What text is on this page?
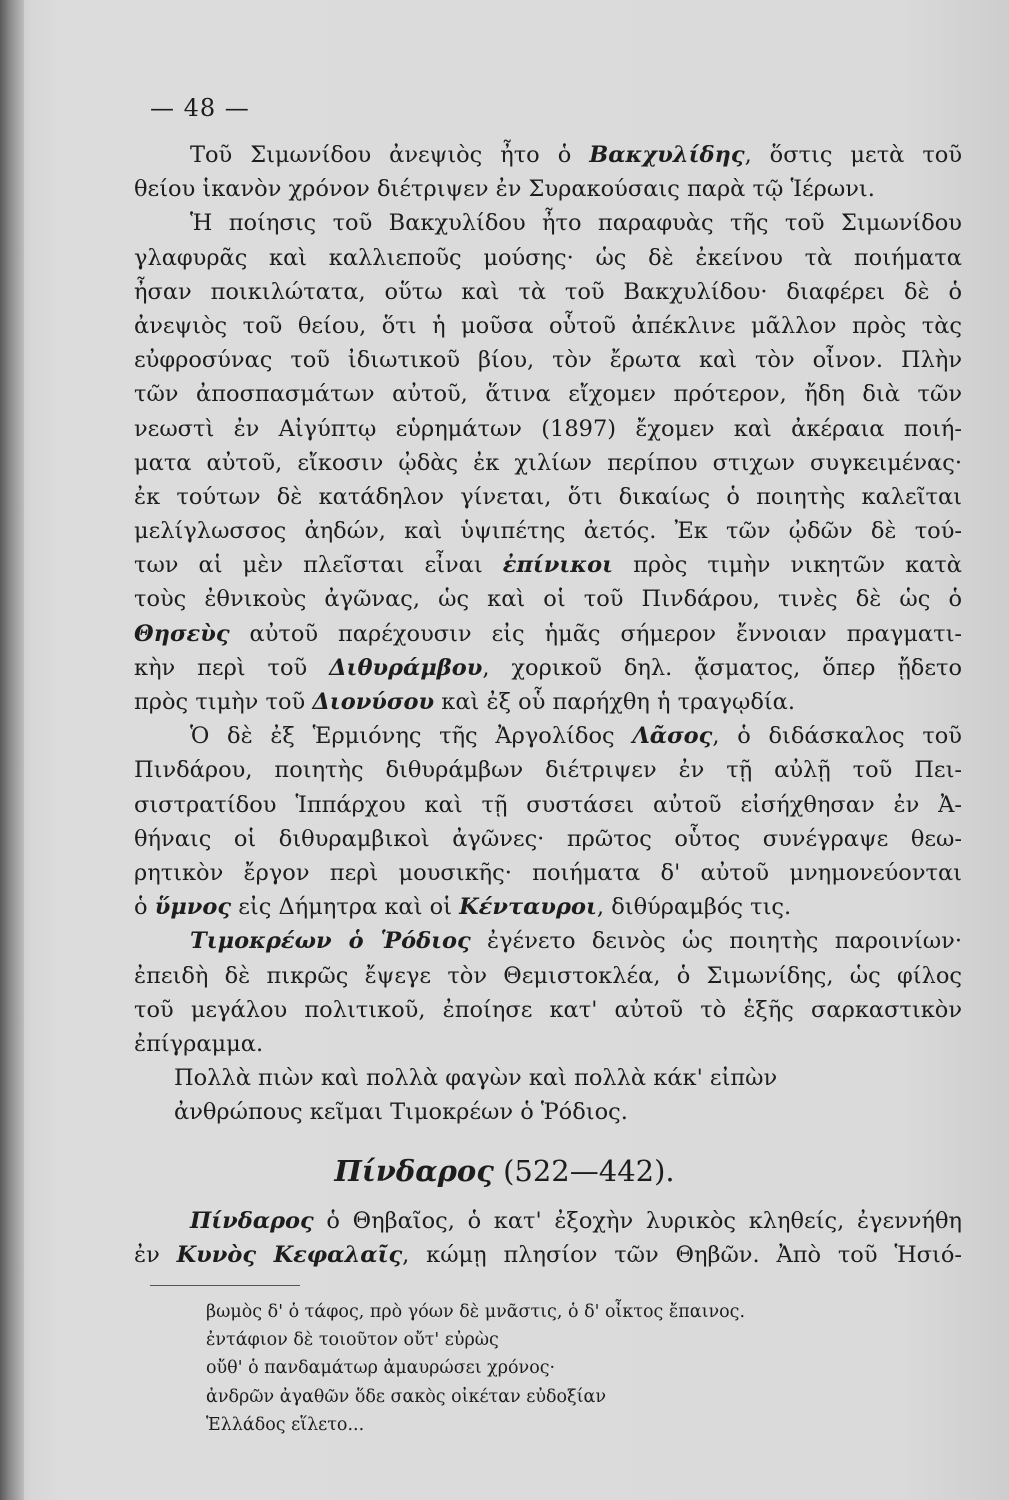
— 48 —
Τοῦ Σιμωνίδου ἀνεψιὸς ἦτο ὁ Βακχυλίδης, ὅστις μετὰ τοῦ
θείου ἱκανὸν χρόνον διέτριψεν ἐν Συρακούσαις παρὰ τῷ Ἱέρωνι.
Ἡ ποίησις τοῦ Βακχυλίδου ἦτο παραφυὰς τῆς τοῦ Σιμωνίδου
γλαφυρᾶς καὶ καλλιεποῦς μούσης· ὡς δὲ ἐκείνου τὰ ποιήματα
ἦσαν ποικιλώτατα, οὕτω καὶ τὰ τοῦ Βακχυλίδου· διαφέρει δὲ ὁ
ἀνεψιὸς τοῦ θείου, ὅτι ἡ μοῦσα οὗτοῦ ἀπέκλινε μᾶλλον πρὸς τὰς
εὐφροσύνας τοῦ ἰδιωτικοῦ βίου, τὸν ἔρωτα καὶ τὸν οἶνον. Πλὴν
τῶν ἀποσπασμάτων αὐτοῦ, ἅτινα εἴχομεν πρότερον, ἤδη διὰ τῶν
νεωστὶ ἐν Αἰγύπτῳ εὑρημάτων (1897) ἔχομεν καὶ ἀκέραια ποιή-
ματα αὐτοῦ, εἴκοσιν ᾠδὰς ἐκ χιλίων περίπου στιχων συγκειμένας·
ἐκ τούτων δὲ κατάδηλον γίνεται, ὅτι δικαίως ὁ ποιητὴς καλεῖται
μελίγλωσσος ἀηδών, καὶ ὑψιπέτης ἀετός. Ἐκ τῶν ᾠδῶν δὲ τού-
των αἱ μὲν πλεῖσται εἶναι ἐπίνικοι πρὸς τιμὴν νικητῶν κατὰ
τοὺς ἐθνικοὺς ἀγῶνας, ὡς καὶ οἱ τοῦ Πινδάρου, τινὲς δὲ ὡς ὁ
Θησεὺς αὐτοῦ παρέχουσιν εἰς ἡμᾶς σήμερον ἔννοιαν πραγματι-
κὴν περὶ τοῦ Διθυράμβου, χορικοῦ δηλ. ᾄσματος, ὅπερ ᾔδετο
πρὸς τιμὴν τοῦ Διονύσου καὶ ἐξ οὗ παρήχθη ἡ τραγῳδία.
Ὁ δὲ ἐξ Ἑρμιόνης τῆς Ἀργολίδος Λᾶσος, ὁ διδάσκαλος τοῦ
Πινδάρου, ποιητὴς διθυράμβων διέτριψεν ἐν τῇ αὐλῇ τοῦ Πει-
σιστρατίδου Ἱππάρχου καὶ τῇ συστάσει αὐτοῦ εἰσήχθησαν ἐν Ἀ-
θήναις οἱ διθυραμβικοὶ ἀγῶνες· πρῶτος οὗτος συνέγραψε θεω-
ρητικὸν ἔργον περὶ μουσικῆς· ποιήματα δ' αὐτοῦ μνημονεύονται
ὁ ὕμνος εἰς Δήμητρα καὶ οἱ Κένταυροι, διθύραμβός τις.
Τιμοκρέων ὁ Ῥόδιος ἐγένετο δεινὸς ὡς ποιητὴς παροινίων·
ἐπειδὴ δὲ πικρῶς ἔψεγε τὸν Θεμιστοκλέα, ὁ Σιμωνίδης, ὡς φίλος
τοῦ μεγάλου πολιτικοῦ, ἐποίησε κατ' αὐτοῦ τὸ ἑξῆς σαρκαστικὸν
ἐπίγραμμα.
Πολλὰ πιὼν καὶ πολλὰ φαγὼν καὶ πολλὰ κάκ' εἰπὼν
ἀνθρώπους κεῖμαι Τιμοκρέων ὁ Ῥόδιος.
Πίνδαρος (522—442).
Πίνδαρος ὁ Θηβαῖος, ὁ κατ' ἐξοχὴν λυρικὸς κληθείς, ἐγεννήθη
ἐν Κυνὸς Κεφαλαῖς, κώμῃ πλησίον τῶν Θηβῶν. Ἀπὸ τοῦ Ἡσιό-
βωμὸς δ' ὁ τάφος, πρὸ γόων δὲ μνᾶστις, ὁ δ' οἶκτος ἔπαινος.
ἐντάφιον δὲ τοιοῦτον οὔτ' εὐρὼς
οὔθ' ὁ πανδαμάτωρ ἀμαυρώσει χρόνος·
ἀνδρῶν ἀγαθῶν ὅδε σακὸς οἰκέταν εὐδοξίαν
Ἑλλάδος εἵλετο...
